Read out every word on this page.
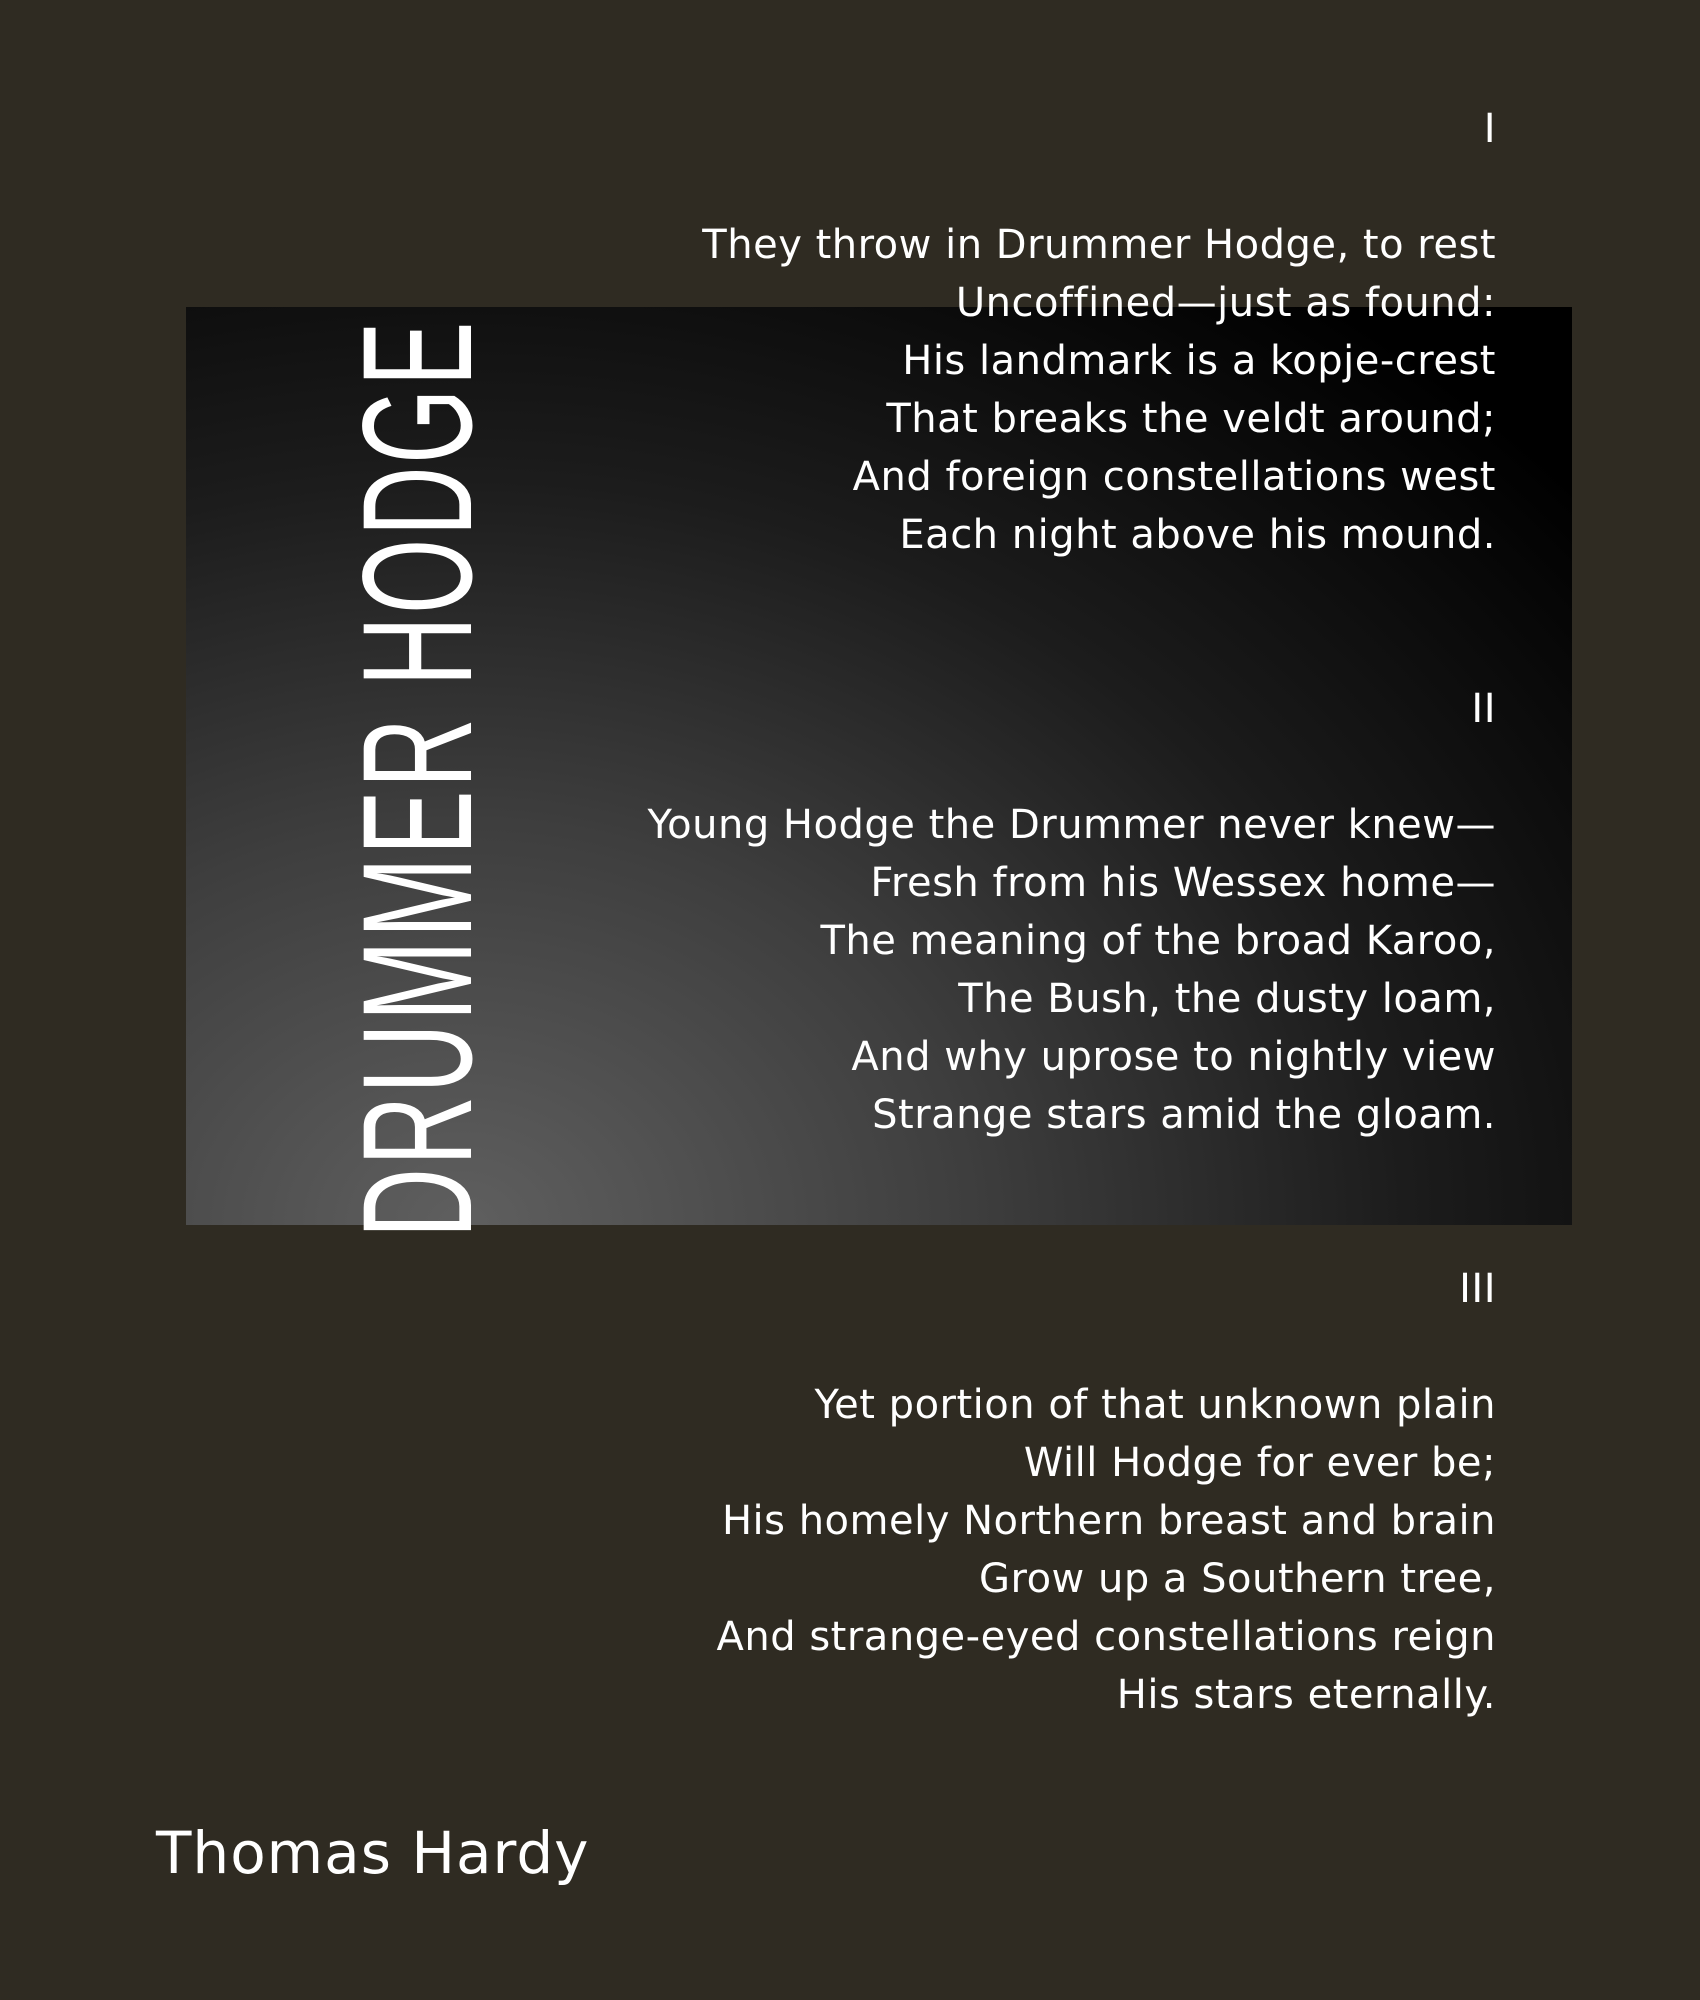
DRUMMER HODGE
I
They throw in Drummer Hodge, to rest
Uncoffined—just as found:
His landmark is a kopje-crest
That breaks the veldt around;
And foreign constellations west
Each night above his mound.
II
Young Hodge the Drummer never knew—
Fresh from his Wessex home—
The meaning of the broad Karoo,
The Bush, the dusty loam,
And why uprose to nightly view
Strange stars amid the gloam.
III
Yet portion of that unknown plain
Will Hodge for ever be;
His homely Northern breast and brain
Grow up a Southern tree,
And strange-eyed constellations reign
His stars eternally.
Thomas Hardy
